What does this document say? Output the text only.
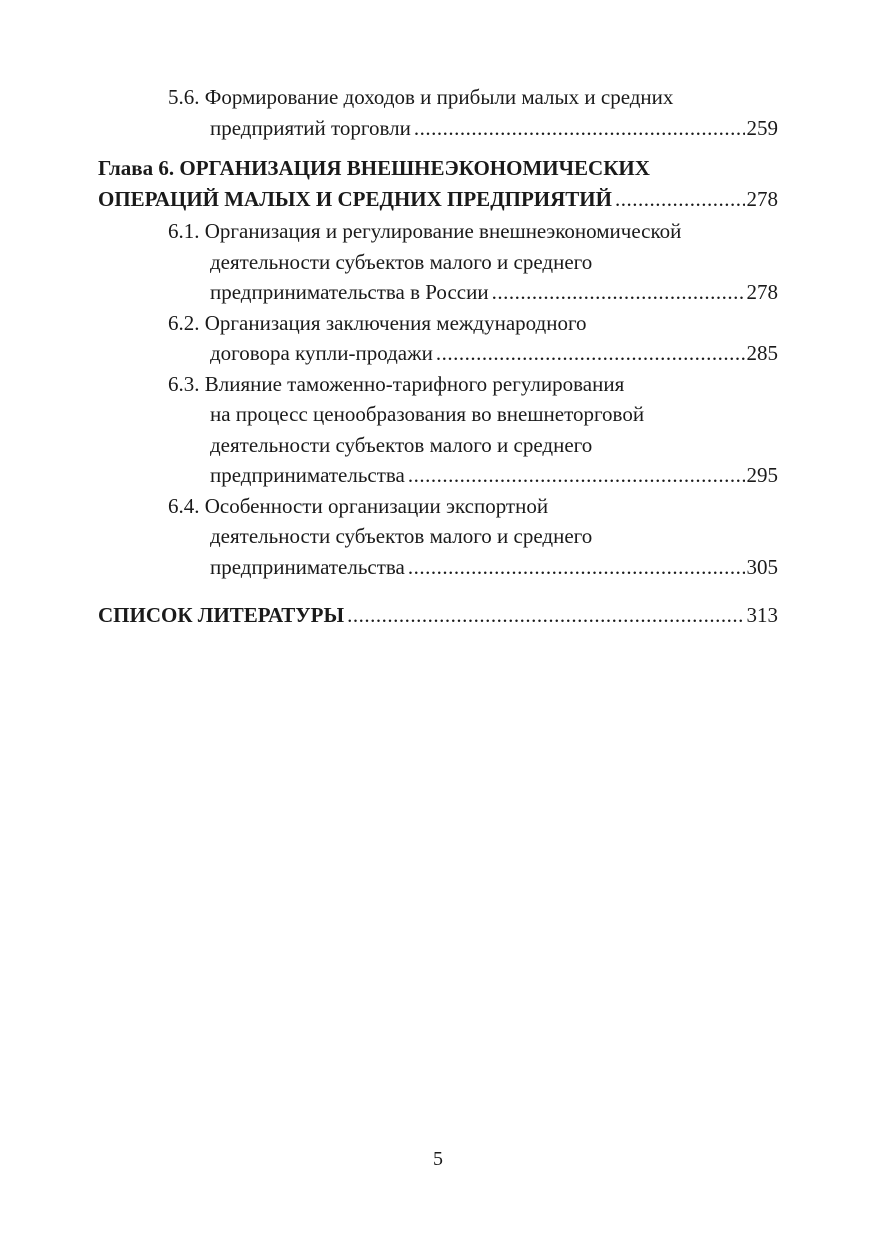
5.6. Формирование доходов и прибыли малых и средних
предприятий торговли .....	259
Глава 6. ОРГАНИЗАЦИЯ ВНЕШНЕЭКОНОМИЧЕСКИХ
ОПЕРАЦИЙ МАЛЫХ И СРЕДНИХ ПРЕДПРИЯТИЙ .....	278
6.1. Организация и регулирование внешнеэкономической
деятельности субъектов малого и среднего
предпринимательства в России .....	278
6.2. Организация заключения международного
договора купли-продажи .....	285
6.3. Влияние таможенно-тарифного регулирования
на процесс ценообразования во внешнеторговой
деятельности субъектов малого и среднего
предпринимательства .....	295
6.4. Особенности организации экспортной
деятельности субъектов малого и среднего
предпринимательства .....	305
СПИСОК ЛИТЕРАТУРЫ .....	313
5
